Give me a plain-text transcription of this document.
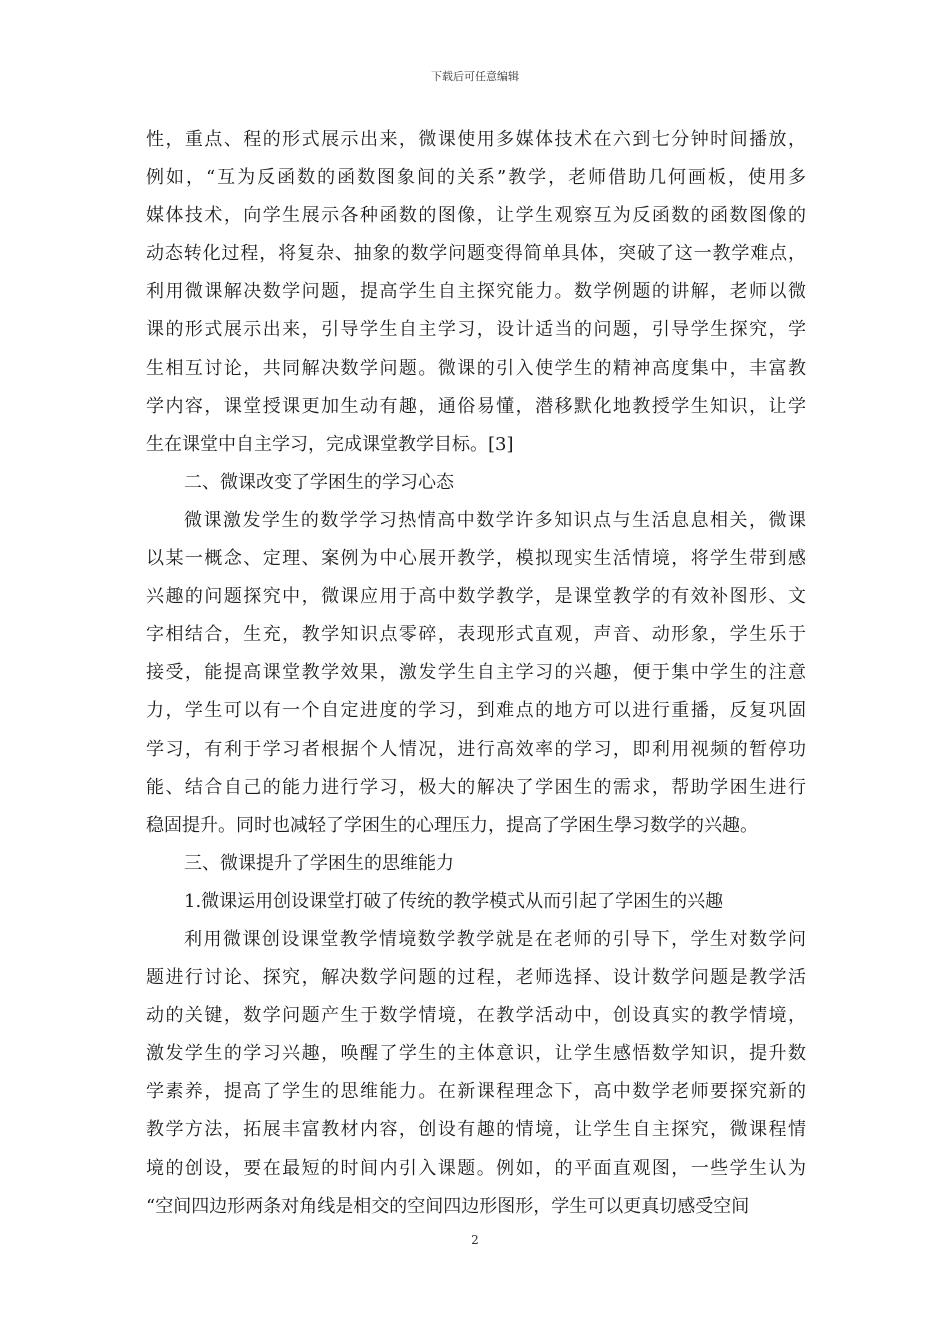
下载后可任意编辑
性，重点、程的形式展示出来，微课使用多媒体技术在六到七分钟时间播放，
例如，“互为反函数的函数图象间的关系”教学，老师借助几何画板，使用多
媒体技术，向学生展示各种函数的图像，让学生观察互为反函数的函数图像的
动态转化过程，将复杂、抽象的数学问题变得简单具体，突破了这一教学难点，
利用微课解决数学问题，提高学生自主探究能力。数学例题的讲解，老师以微
课的形式展示出来，引导学生自主学习，设计适当的问题，引导学生探究，学
生相互讨论，共同解决数学问题。微课的引入使学生的精神高度集中，丰富教
学内容，课堂授课更加生动有趣，通俗易懂，潜移默化地教授学生知识，让学
生在课堂中自主学习，完成课堂教学目标。[3]
二、微课改变了学困生的学习心态
微课激发学生的数学学习热情高中数学许多知识点与生活息息相关，微课
以某一概念、定理、案例为中心展开教学，模拟现实生活情境，将学生带到感
兴趣的问题探究中，微课应用于高中数学教学，是课堂教学的有效补图形、文
字相结合，生充，教学知识点零碎，表现形式直观，声音、动形象，学生乐于
接受，能提高课堂教学效果，激发学生自主学习的兴趣，便于集中学生的注意
力，学生可以有一个自定进度的学习，到难点的地方可以进行重播，反复巩固
学习，有利于学习者根据个人情况，进行高效率的学习，即利用视频的暂停功
能、结合自己的能力进行学习，极大的解决了学困生的需求，帮助学困生进行
稳固提升。同时也减轻了学困生的心理压力，提高了学困生學习数学的兴趣。
三、微课提升了学困生的思维能力
1.微课运用创设课堂打破了传统的教学模式从而引起了学困生的兴趣
利用微课创设课堂教学情境数学教学就是在老师的引导下，学生对数学问
题进行讨论、探究，解决数学问题的过程，老师选择、设计数学问题是教学活
动的关键，数学问题产生于数学情境，在教学活动中，创设真实的教学情境，
激发学生的学习兴趣，唤醒了学生的主体意识，让学生感悟数学知识，提升数
学素养，提高了学生的思维能力。在新课程理念下，高中数学老师要探究新的
教学方法，拓展丰富教材内容，创设有趣的情境，让学生自主探究，微课程情
境的创设，要在最短的时间内引入课题。例如，的平面直观图，一些学生认为
“空间四边形两条对角线是相交的空间四边形图形，学生可以更真切感受空间
2
